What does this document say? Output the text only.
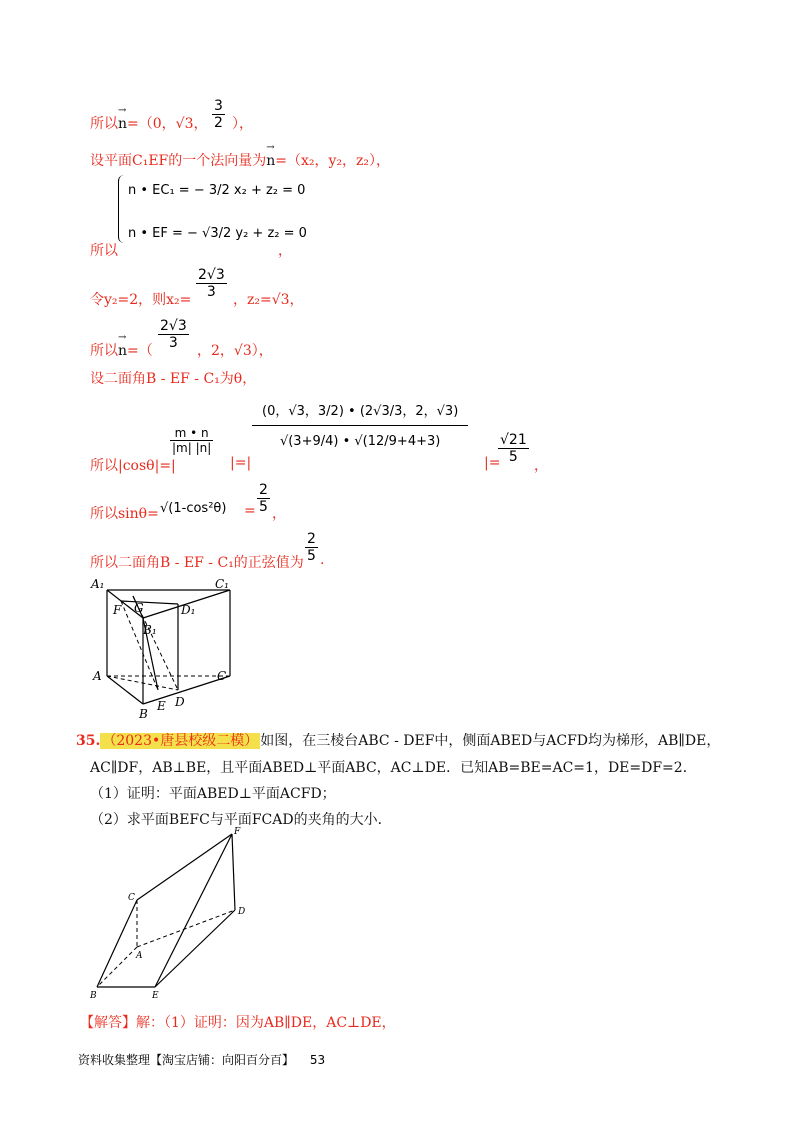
所以→ n=（0，√3， $\frac{3}{2}$ ），
设平面C₁EF的一个法向量为→ n=（x₂，y₂，z₂），
n • EC₁ = − 3/2 x₂ + z₂ = 0
n • EF = − √3/2 y₂ + z₂ = 0
所以	，
令y₂=2，则$x_2= \frac{2√3}{3}$ ，z₂=√3，
所以→ $n=( \frac{2√3}{3}$ ，2，√3），
设二面角B - EF - C₁为θ，
所以|cosθ|=|
$\frac{m • n}{|m| |n|}$
|=|
$\frac{(0,√3,3/2) • (2√3/3,2,√3)}{√(3+9/4) • √(12/9+4+3)}$
|=
$\frac{√21}{5}$
，
所以$\sin\theta= √(1-\cos^2\theta) = \frac{2}{5}$ ，
所以二面角B - EF - C₁的正弦值为 $\frac{2}{5}$ .
A₁	C₁
F G	D₁
B₁
A	C
E D
B
35. （2023•唐县校级二模） 如图，在三棱台ABC - DEF中，侧面ABED与ACFD均为梯形，AB∥DE，
AC∥DF，AB⊥BE，且平面ABED⊥平面ABC，AC⊥DE．已知AB=BE=AC=1，DE=DF=2．
（1）证明：平面ABED⊥平面ACFD；
（2）求平面BEFC与平面FCAD的夹角的大小．
F
C
D
A
B	E
【解答】解：（1）证明：因为AB∥DE，AC⊥DE，
资料收集整理【淘宝店铺：向阳百分百】 53
